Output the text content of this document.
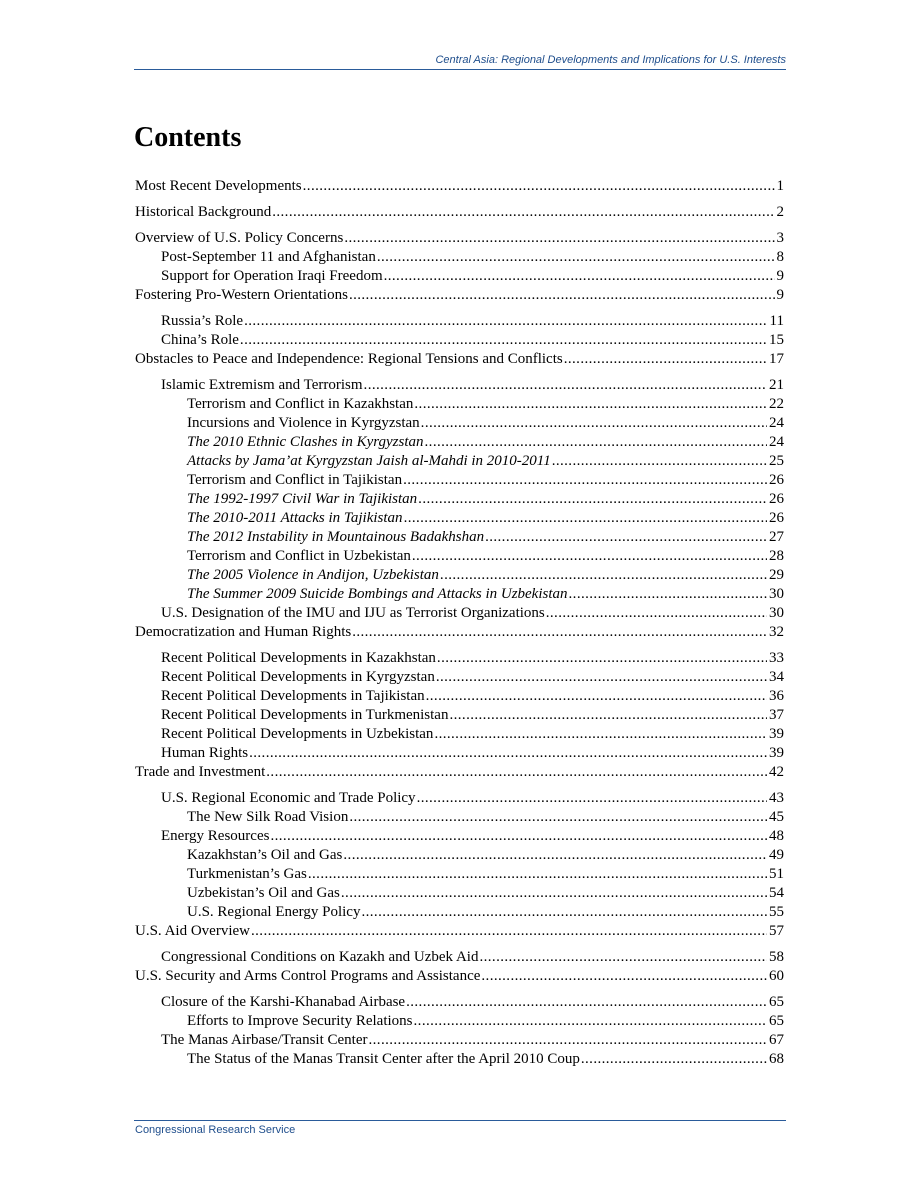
Central Asia: Regional Developments and Implications for U.S. Interests
Contents
Most Recent Developments .....	1
Historical Background .....	2
Overview of U.S. Policy Concerns .....	3
Post-September 11 and Afghanistan .....	8
Support for Operation Iraqi Freedom .....	9
Fostering Pro-Western Orientations .....	9
Russia’s Role .....	11
China’s Role .....	15
Obstacles to Peace and Independence: Regional Tensions and Conflicts .....	17
Islamic Extremism and Terrorism .....	21
Terrorism and Conflict in Kazakhstan .....	22
Incursions and Violence in Kyrgyzstan .....	24
The 2010 Ethnic Clashes in Kyrgyzstan .....	24
Attacks by Jama’at Kyrgyzstan Jaish al-Mahdi in 2010-2011 .....	25
Terrorism and Conflict in Tajikistan .....	26
The 1992-1997 Civil War in Tajikistan .....	26
The 2010-2011 Attacks in Tajikistan .....	26
The 2012 Instability in Mountainous Badakhshan .....	27
Terrorism and Conflict in Uzbekistan .....	28
The 2005 Violence in Andijon, Uzbekistan .....	29
The Summer 2009 Suicide Bombings and Attacks in Uzbekistan .....	30
U.S. Designation of the IMU and IJU as Terrorist Organizations .....	30
Democratization and Human Rights .....	32
Recent Political Developments in Kazakhstan .....	33
Recent Political Developments in Kyrgyzstan .....	34
Recent Political Developments in Tajikistan .....	36
Recent Political Developments in Turkmenistan .....	37
Recent Political Developments in Uzbekistan .....	39
Human Rights .....	39
Trade and Investment .....	42
U.S. Regional Economic and Trade Policy .....	43
The New Silk Road Vision .....	45
Energy Resources .....	48
Kazakhstan’s Oil and Gas .....	49
Turkmenistan’s Gas .....	51
Uzbekistan’s Oil and Gas .....	54
U.S. Regional Energy Policy .....	55
U.S. Aid Overview .....	57
Congressional Conditions on Kazakh and Uzbek Aid .....	58
U.S. Security and Arms Control Programs and Assistance .....	60
Closure of the Karshi-Khanabad Airbase .....	65
Efforts to Improve Security Relations .....	65
The Manas Airbase/Transit Center .....	67
The Status of the Manas Transit Center after the April 2010 Coup .....	68
Congressional Research Service
